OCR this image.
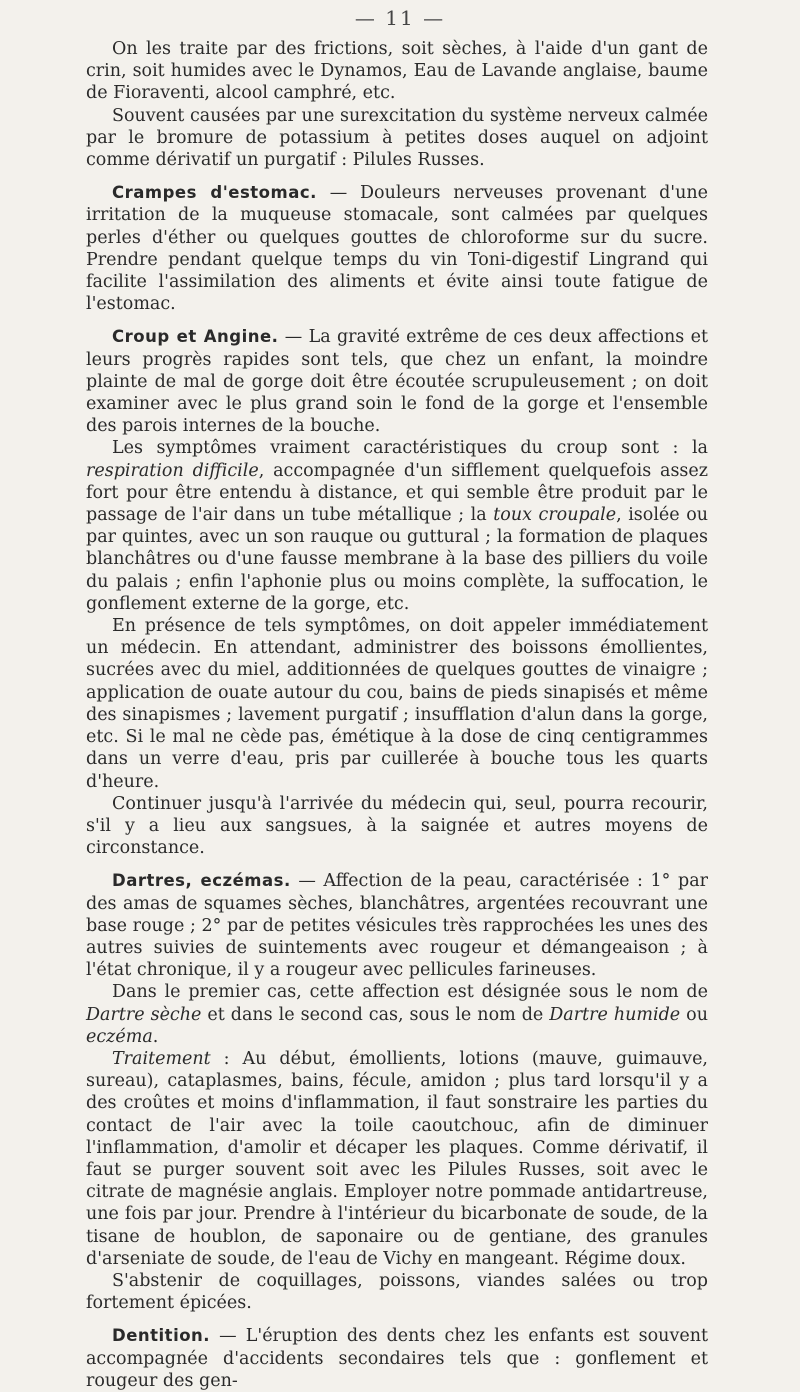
— 11 —

On les traite par des frictions, soit sèches, à l'aide d'un gant de crin, soit humides avec le Dynamos, Eau de Lavande anglaise, baume de Fioraventi, alcool camphré, etc.

Souvent causées par une surexcitation du système nerveux calmée par le bromure de potassium à petites doses auquel on adjoint comme dérivatif un purgatif : Pilules Russes.

Crampes d'estomac. — Douleurs nerveuses provenant d'une irritation de la muqueuse stomacale, sont calmées par quelques perles d'éther ou quelques gouttes de chloroforme sur du sucre. Prendre pendant quelque temps du vin Toni-digestif Lingrand qui facilite l'assimilation des aliments et évite ainsi toute fatigue de l'estomac.

Croup et Angine. — La gravité extrême de ces deux affections et leurs progrès rapides sont tels, que chez un enfant, la moindre plainte de mal de gorge doit être écoutée scrupuleusement ; on doit examiner avec le plus grand soin le fond de la gorge et l'ensemble des parois internes de la bouche.

Les symptômes vraiment caractéristiques du croup sont : la respiration difficile, accompagnée d'un sifflement quelquefois assez fort pour être entendu à distance, et qui semble être produit par le passage de l'air dans un tube métallique ; la toux croupale, isolée ou par quintes, avec un son rauque ou guttural ; la formation de plaques blanchâtres ou d'une fausse membrane à la base des pilliers du voile du palais ; enfin l'aphonie plus ou moins complète, la suffocation, le gonflement externe de la gorge, etc.

En présence de tels symptômes, on doit appeler immédiatement un médecin. En attendant, administrer des boissons émollientes, sucrées avec du miel, additionnées de quelques gouttes de vinaigre ; application de ouate autour du cou, bains de pieds sinapisés et même des sinapismes ; lavement purgatif ; insufflation d'alun dans la gorge, etc. Si le mal ne cède pas, émétique à la dose de cinq centigrammes dans un verre d'eau, pris par cuillerée à bouche tous les quarts d'heure.

Continuer jusqu'à l'arrivée du médecin qui, seul, pourra recourir, s'il y a lieu aux sangsues, à la saignée et autres moyens de circonstance.

Dartres, eczémas. — Affection de la peau, caractérisée : 1° par des amas de squames sèches, blanchâtres, argentées recouvrant une base rouge ; 2° par de petites vésicules très rapprochées les unes des autres suivies de suintements avec rougeur et démangeaison ; à l'état chronique, il y a rougeur avec pellicules farineuses.

Dans le premier cas, cette affection est désignée sous le nom de Dartre sèche et dans le second cas, sous le nom de Dartre humide ou eczéma.

Traitement : Au début, émollients, lotions (mauve, guimauve, sureau), cataplasmes, bains, fécule, amidon ; plus tard lorsqu'il y a des croûtes et moins d'inflammation, il faut sonstraire les parties du contact de l'air avec la toile caoutchouc, afin de diminuer l'inflammation, d'amolir et décaper les plaques. Comme dérivatif, il faut se purger souvent soit avec les Pilules Russes, soit avec le citrate de magnésie anglais. Employer notre pommade antidartreuse, une fois par jour. Prendre à l'intérieur du bicarbonate de soude, de la tisane de houblon, de saponaire ou de gentiane, des granules d'arseniate de soude, de l'eau de Vichy en mangeant. Régime doux.

S'abstenir de coquillages, poissons, viandes salées ou trop fortement épicées.

Dentition. — L'éruption des dents chez les enfants est souvent accompagnée d'accidents secondaires tels que : gonflement et rougeur des gen-
